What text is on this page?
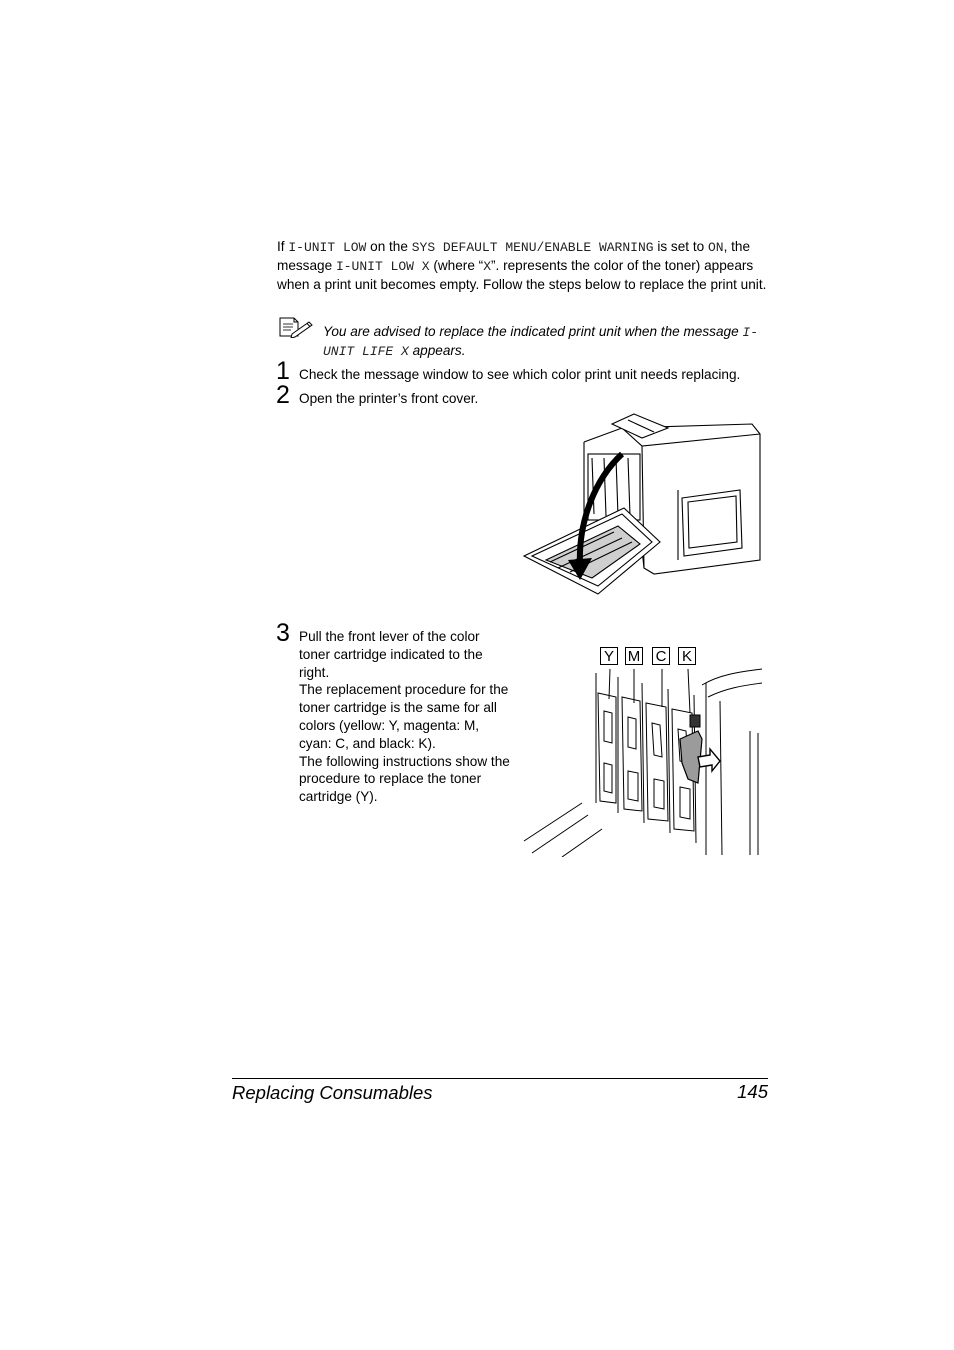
If I-UNIT LOW on the SYS DEFAULT MENU/ENABLE WARNING is set to ON, the message I-UNIT LOW X (where “X”. represents the color of the toner) appears when a print unit becomes empty. Follow the steps below to replace the print unit.
You are advised to replace the indicated print unit when the message I-UNIT LIFE X appears.
1 Check the message window to see which color print unit needs replacing.
2 Open the printer’s front cover.
3 Pull the front lever of the color toner cartridge indicated to the right.
The replacement procedure for the toner cartridge is the same for all colors (yellow: Y, magenta: M, cyan: C, and black: K).
The following instructions show the procedure to replace the toner cartridge (Y).
Y M C K
Replacing Consumables	145
